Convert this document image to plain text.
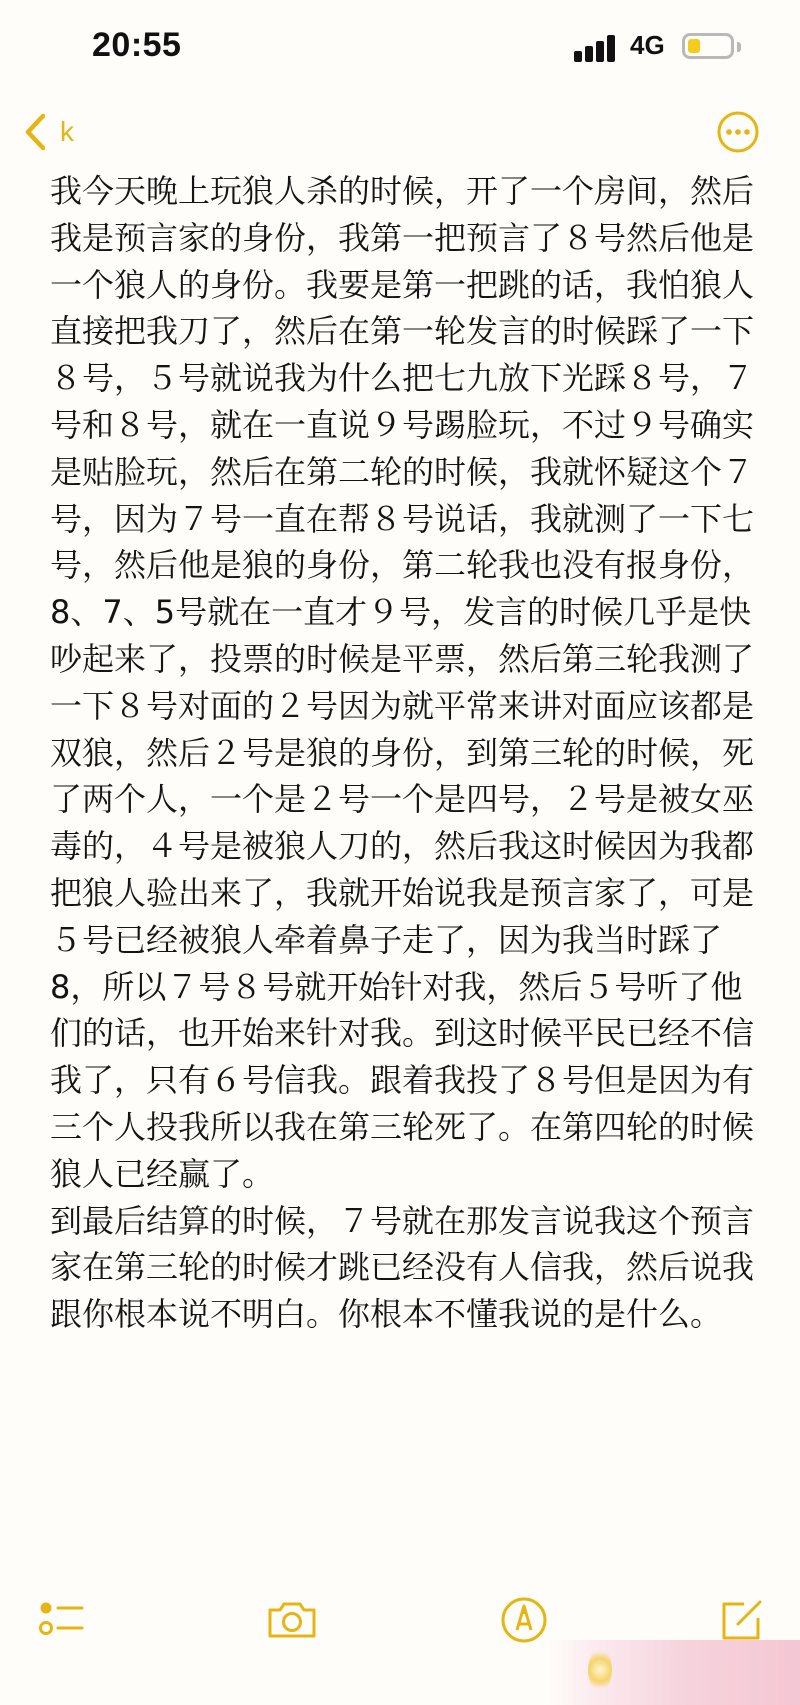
20:55	4G
k

我今天晚上玩狼人杀的时候，开了一个房间，然后我是预言家的身份，我第一把预言了８号然后他是一个狼人的身份。我要是第一把跳的话，我怕狼人直接把我刀了，然后在第一轮发言的时候踩了一下８号，５号就说我为什么把七九放下光踩８号，７号和８号，就在一直说９号踢脸玩，不过９号确实是贴脸玩，然后在第二轮的时候，我就怀疑这个７号，因为７号一直在帮８号说话，我就测了一下七号，然后他是狼的身份，第二轮我也没有报身份，8、7、5号就在一直才９号，发言的时候几乎是快吵起来了，投票的时候是平票，然后第三轮我测了一下８号对面的２号因为就平常来讲对面应该都是双狼，然后２号是狼的身份，到第三轮的时候，死了两个人，一个是２号一个是四号，２号是被女巫毒的，４号是被狼人刀的，然后我这时候因为我都把狼人验出来了，我就开始说我是预言家了，可是５号已经被狼人牵着鼻子走了，因为我当时踩了8，所以７号８号就开始针对我，然后５号听了他们的话，也开始来针对我。到这时候平民已经不信我了，只有６号信我。跟着我投了８号但是因为有三个人投我所以我在第三轮死了。在第四轮的时候狼人已经赢了。

到最后结算的时候，７号就在那发言说我这个预言家在第三轮的时候才跳已经没有人信我，然后说我跟你根本说不明白。你根本不懂我说的是什么。
